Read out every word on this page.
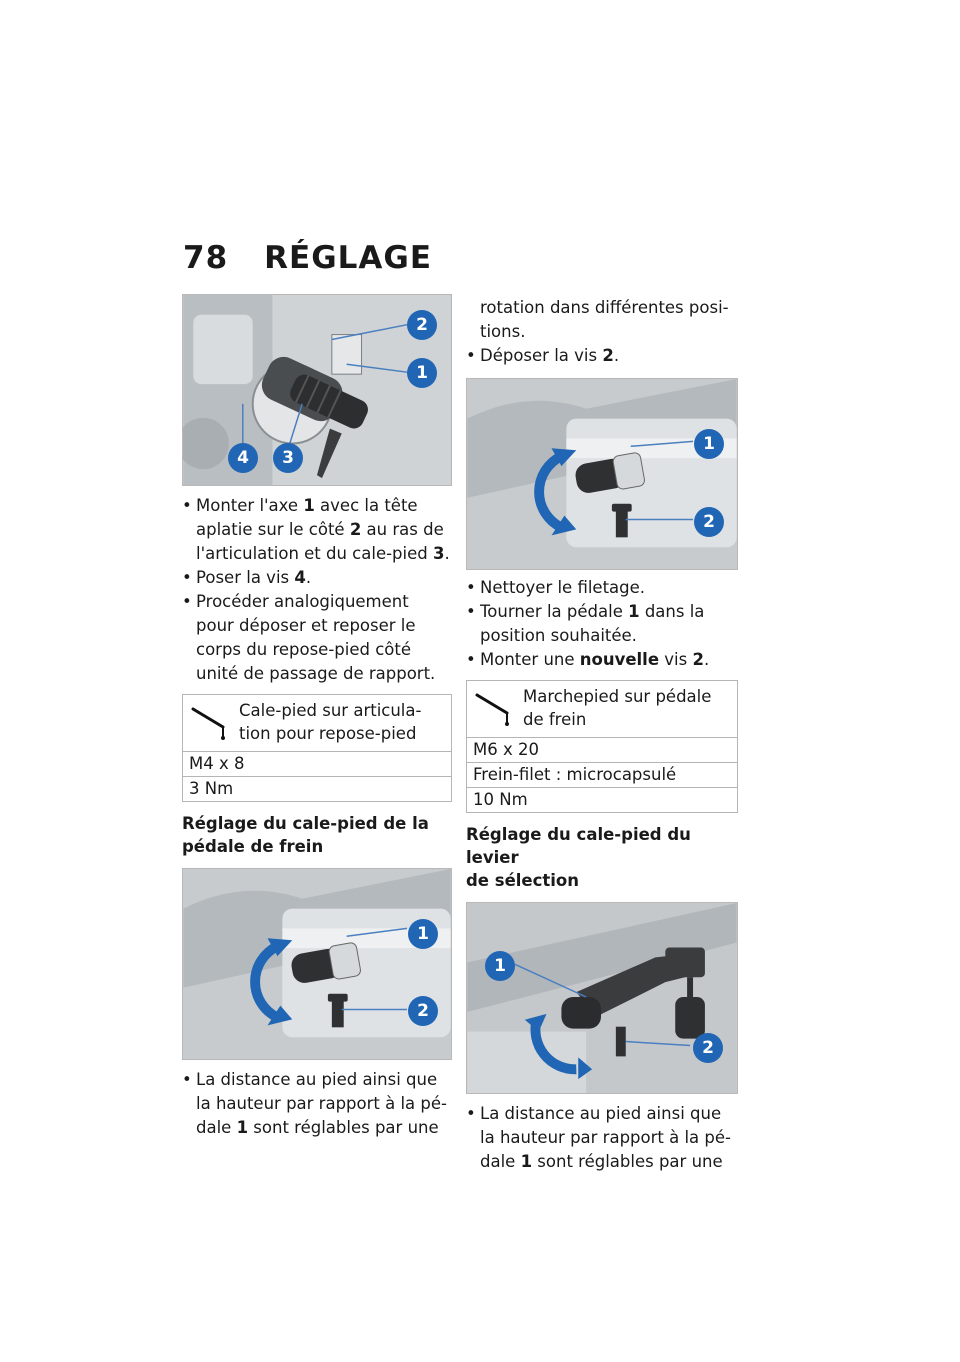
78 RÉGLAGE
2
1
4	3
• Monter l'axe 1 avec la tête
aplatie sur le côté 2 au ras de
l'articulation et du cale-pied 3.
• Poser la vis 4.
• Procéder analogiquement
pour déposer et reposer le
corps du repose-pied côté
unité de passage de rapport.
Cale-pied sur articula-
tion pour repose-pied
M4 x 8
3 Nm
Réglage du cale-pied de la
pédale de frein
1
2
• La distance au pied ainsi que
la hauteur par rapport à la pé-
dale 1 sont réglables par une
rotation dans différentes posi-
tions.
• Déposer la vis 2.
1
2
• Nettoyer le filetage.
• Tourner la pédale 1 dans la
position souhaitée.
• Monter une nouvelle vis 2.
Marchepied sur pédale
de frein
M6 x 20
Frein-filet : microcapsulé
10 Nm
Réglage du cale-pied du levier
de sélection
1
2
• La distance au pied ainsi que
la hauteur par rapport à la pé-
dale 1 sont réglables par une
